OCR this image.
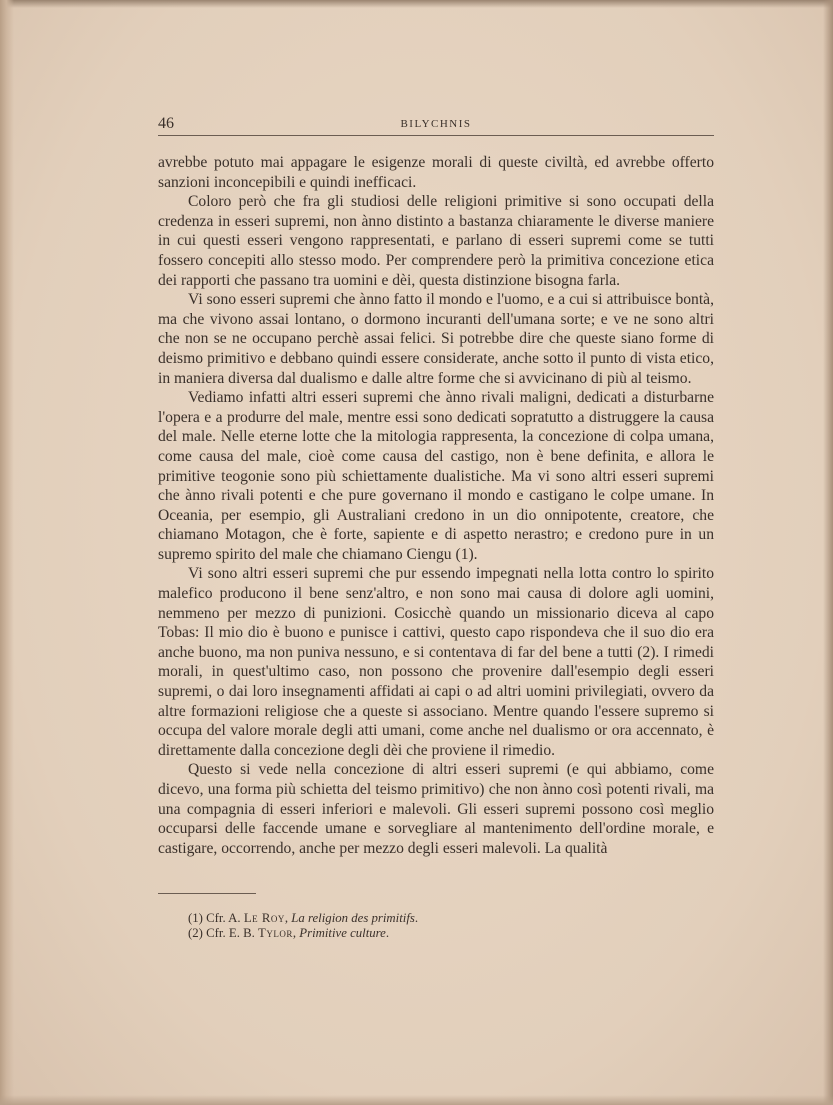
46	BILYCHNIS

avrebbe potuto mai appagare le esigenze morali di queste civiltà, ed avrebbe offerto sanzioni inconcepibili e quindi inefficaci.

Coloro però che fra gli studiosi delle religioni primitive si sono occupati della credenza in esseri supremi, non ànno distinto a bastanza chiaramente le diverse maniere in cui questi esseri vengono rappresentati, e parlano di esseri supremi come se tutti fossero concepiti allo stesso modo. Per comprendere però la primitiva concezione etica dei rapporti che passano tra uomini e dèi, questa distinzione bisogna farla.

Vi sono esseri supremi che ànno fatto il mondo e l'uomo, e a cui si attribuisce bontà, ma che vivono assai lontano, o dormono incuranti dell'umana sorte; e ve ne sono altri che non se ne occupano perchè assai felici. Si potrebbe dire che queste siano forme di deismo primitivo e debbano quindi essere considerate, anche sotto il punto di vista etico, in maniera diversa dal dualismo e dalle altre forme che si avvicinano di più al teismo.

Vediamo infatti altri esseri supremi che ànno rivali maligni, dedicati a disturbarne l'opera e a produrre del male, mentre essi sono dedicati sopratutto a distruggere la causa del male. Nelle eterne lotte che la mitologia rappresenta, la concezione di colpa umana, come causa del male, cioè come causa del castigo, non è bene definita, e allora le primitive teogonie sono più schiettamente dualistiche. Ma vi sono altri esseri supremi che ànno rivali potenti e che pure governano il mondo e castigano le colpe umane. In Oceania, per esempio, gli Australiani credono in un dio onnipotente, creatore, che chiamano Motagon, che è forte, sapiente e di aspetto nerastro; e credono pure in un supremo spirito del male che chiamano Ciengu (1).

Vi sono altri esseri supremi che pur essendo impegnati nella lotta contro lo spirito malefico producono il bene senz'altro, e non sono mai causa di dolore agli uomini, nemmeno per mezzo di punizioni. Cosicchè quando un missionario diceva al capo Tobas: Il mio dio è buono e punisce i cattivi, questo capo rispondeva che il suo dio era anche buono, ma non puniva nessuno, e si contentava di far del bene a tutti (2). I rimedi morali, in quest'ultimo caso, non possono che provenire dall'esempio degli esseri supremi, o dai loro insegnamenti affidati ai capi o ad altri uomini privilegiati, ovvero da altre formazioni religiose che a queste si associano. Mentre quando l'essere supremo si occupa del valore morale degli atti umani, come anche nel dualismo or ora accennato, è direttamente dalla concezione degli dèi che proviene il rimedio.

Questo si vede nella concezione di altri esseri supremi (e qui abbiamo, come dicevo, una forma più schietta del teismo primitivo) che non ànno così potenti rivali, ma una compagnia di esseri inferiori e malevoli. Gli esseri supremi possono così meglio occuparsi delle faccende umane e sorvegliare al mantenimento dell'ordine morale, e castigare, occorrendo, anche per mezzo degli esseri malevoli. La qualità

(1) Cfr. A. Le Roy, La religion des primitifs.
(2) Cfr. E. B. Tylor, Primitive culture.
